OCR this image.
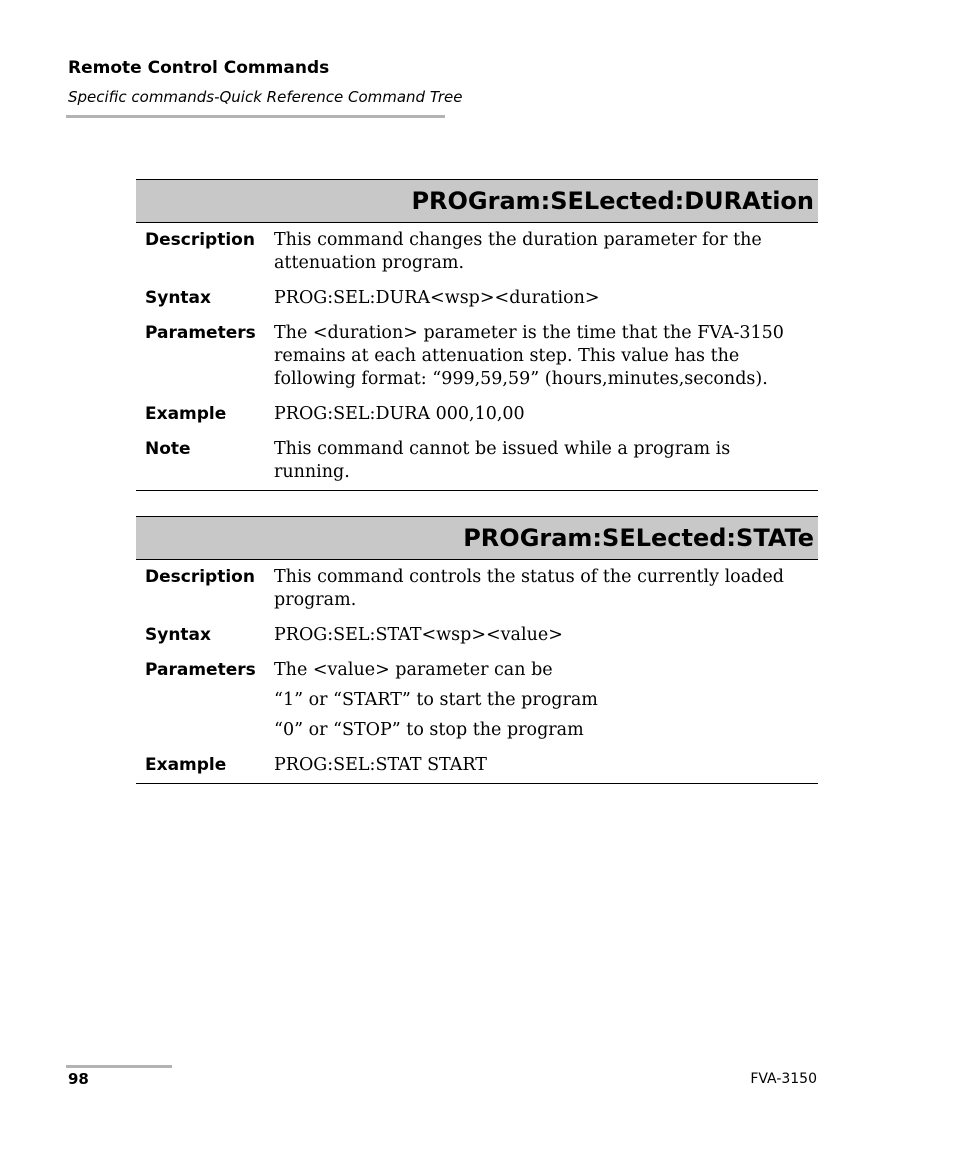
Remote Control Commands
Specific commands-Quick Reference Command Tree
PROGram:SELected:DURAtion
Description	This command changes the duration parameter for the attenuation program.
Syntax	PROG:SEL:DURA<wsp><duration>
Parameters	The <duration> parameter is the time that the FVA-3150 remains at each attenuation step. This value has the following format: “999,59,59” (hours,minutes,seconds).
Example	PROG:SEL:DURA 000,10,00
Note	This command cannot be issued while a program is running.
PROGram:SELected:STATe
Description	This command controls the status of the currently loaded program.
Syntax	PROG:SEL:STAT<wsp><value>
Parameters	The <value> parameter can be
“1” or “START” to start the program
“0” or “STOP” to stop the program
Example	PROG:SEL:STAT START
98	FVA-3150
